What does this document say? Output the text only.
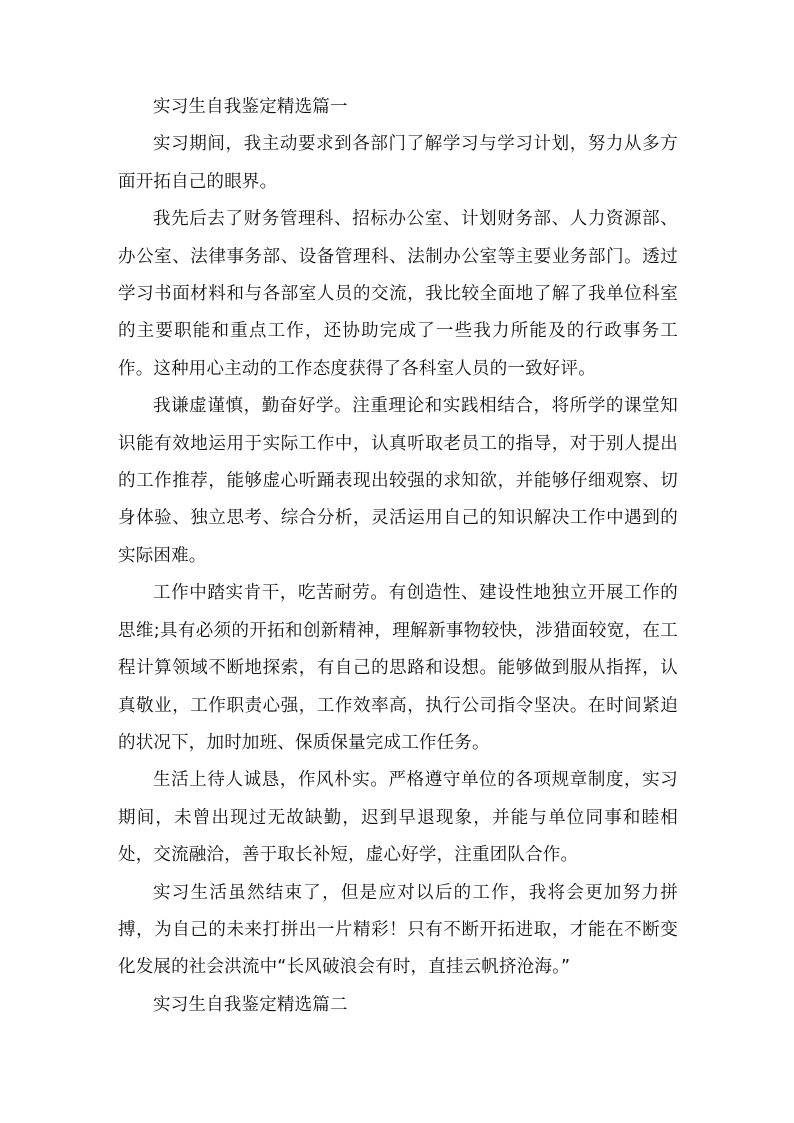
实习生自我鉴定精选篇一

实习期间，我主动要求到各部门了解学习与学习计划，努力从多方面开拓自己的眼界。

我先后去了财务管理科、招标办公室、计划财务部、人力资源部、办公室、法律事务部、设备管理科、法制办公室等主要业务部门。透过学习书面材料和与各部室人员的交流，我比较全面地了解了我单位科室的主要职能和重点工作，还协助完成了一些我力所能及的行政事务工作。这种用心主动的工作态度获得了各科室人员的一致好评。

我谦虚谨慎，勤奋好学。注重理论和实践相结合，将所学的课堂知识能有效地运用于实际工作中，认真听取老员工的指导，对于别人提出的工作推荐，能够虚心听踊表现出较强的求知欲，并能够仔细观察、切身体验、独立思考、综合分析，灵活运用自己的知识解决工作中遇到的实际困难。

工作中踏实肯干，吃苦耐劳。有创造性、建设性地独立开展工作的思维;具有必须的开拓和创新精神，理解新事物较快，涉猎面较宽，在工程计算领域不断地探索，有自己的思路和设想。能够做到服从指挥，认真敬业，工作职责心强，工作效率高，执行公司指令坚决。在时间紧迫的状况下，加时加班、保质保量完成工作任务。

生活上待人诚恳，作风朴实。严格遵守单位的各项规章制度，实习期间，未曾出现过无故缺勤，迟到早退现象，并能与单位同事和睦相处，交流融洽，善于取长补短，虚心好学，注重团队合作。

实习生活虽然结束了，但是应对以后的工作，我将会更加努力拼搏，为自己的未来打拼出一片精彩！只有不断开拓进取，才能在不断变化发展的社会洪流中“长风破浪会有时，直挂云帆挤沧海。”

实习生自我鉴定精选篇二
